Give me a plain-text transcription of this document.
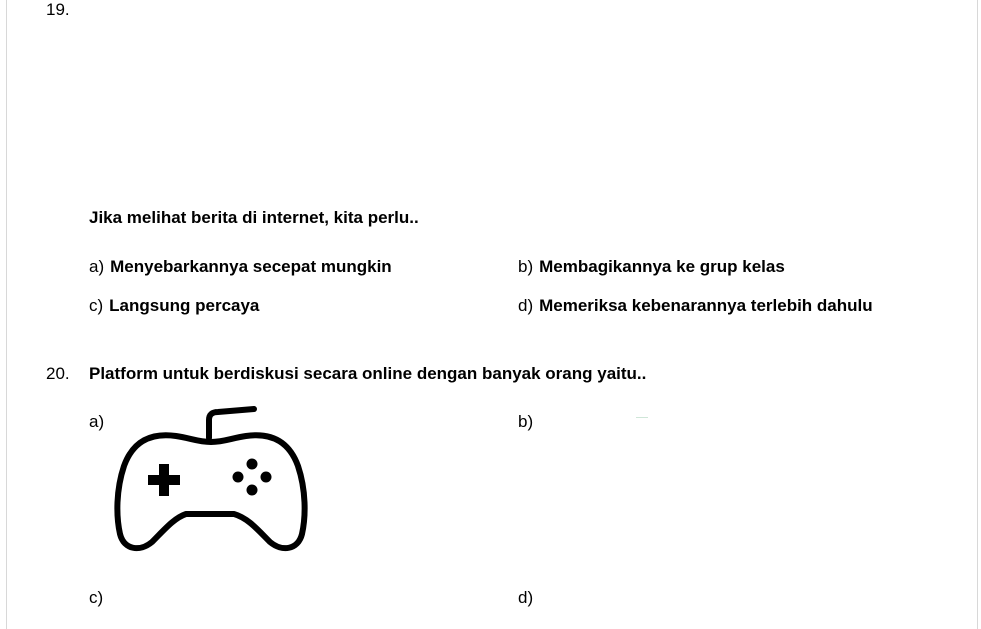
19.
Jika melihat berita di internet, kita perlu..
a) Menyebarkannya secepat mungkin	b) Membagikannya ke grup kelas
c) Langsung percaya	d) Memeriksa kebenarannya terlebih dahulu
20. Platform untuk berdiskusi secara online dengan banyak orang yaitu..
a)	b)
c)	d)
